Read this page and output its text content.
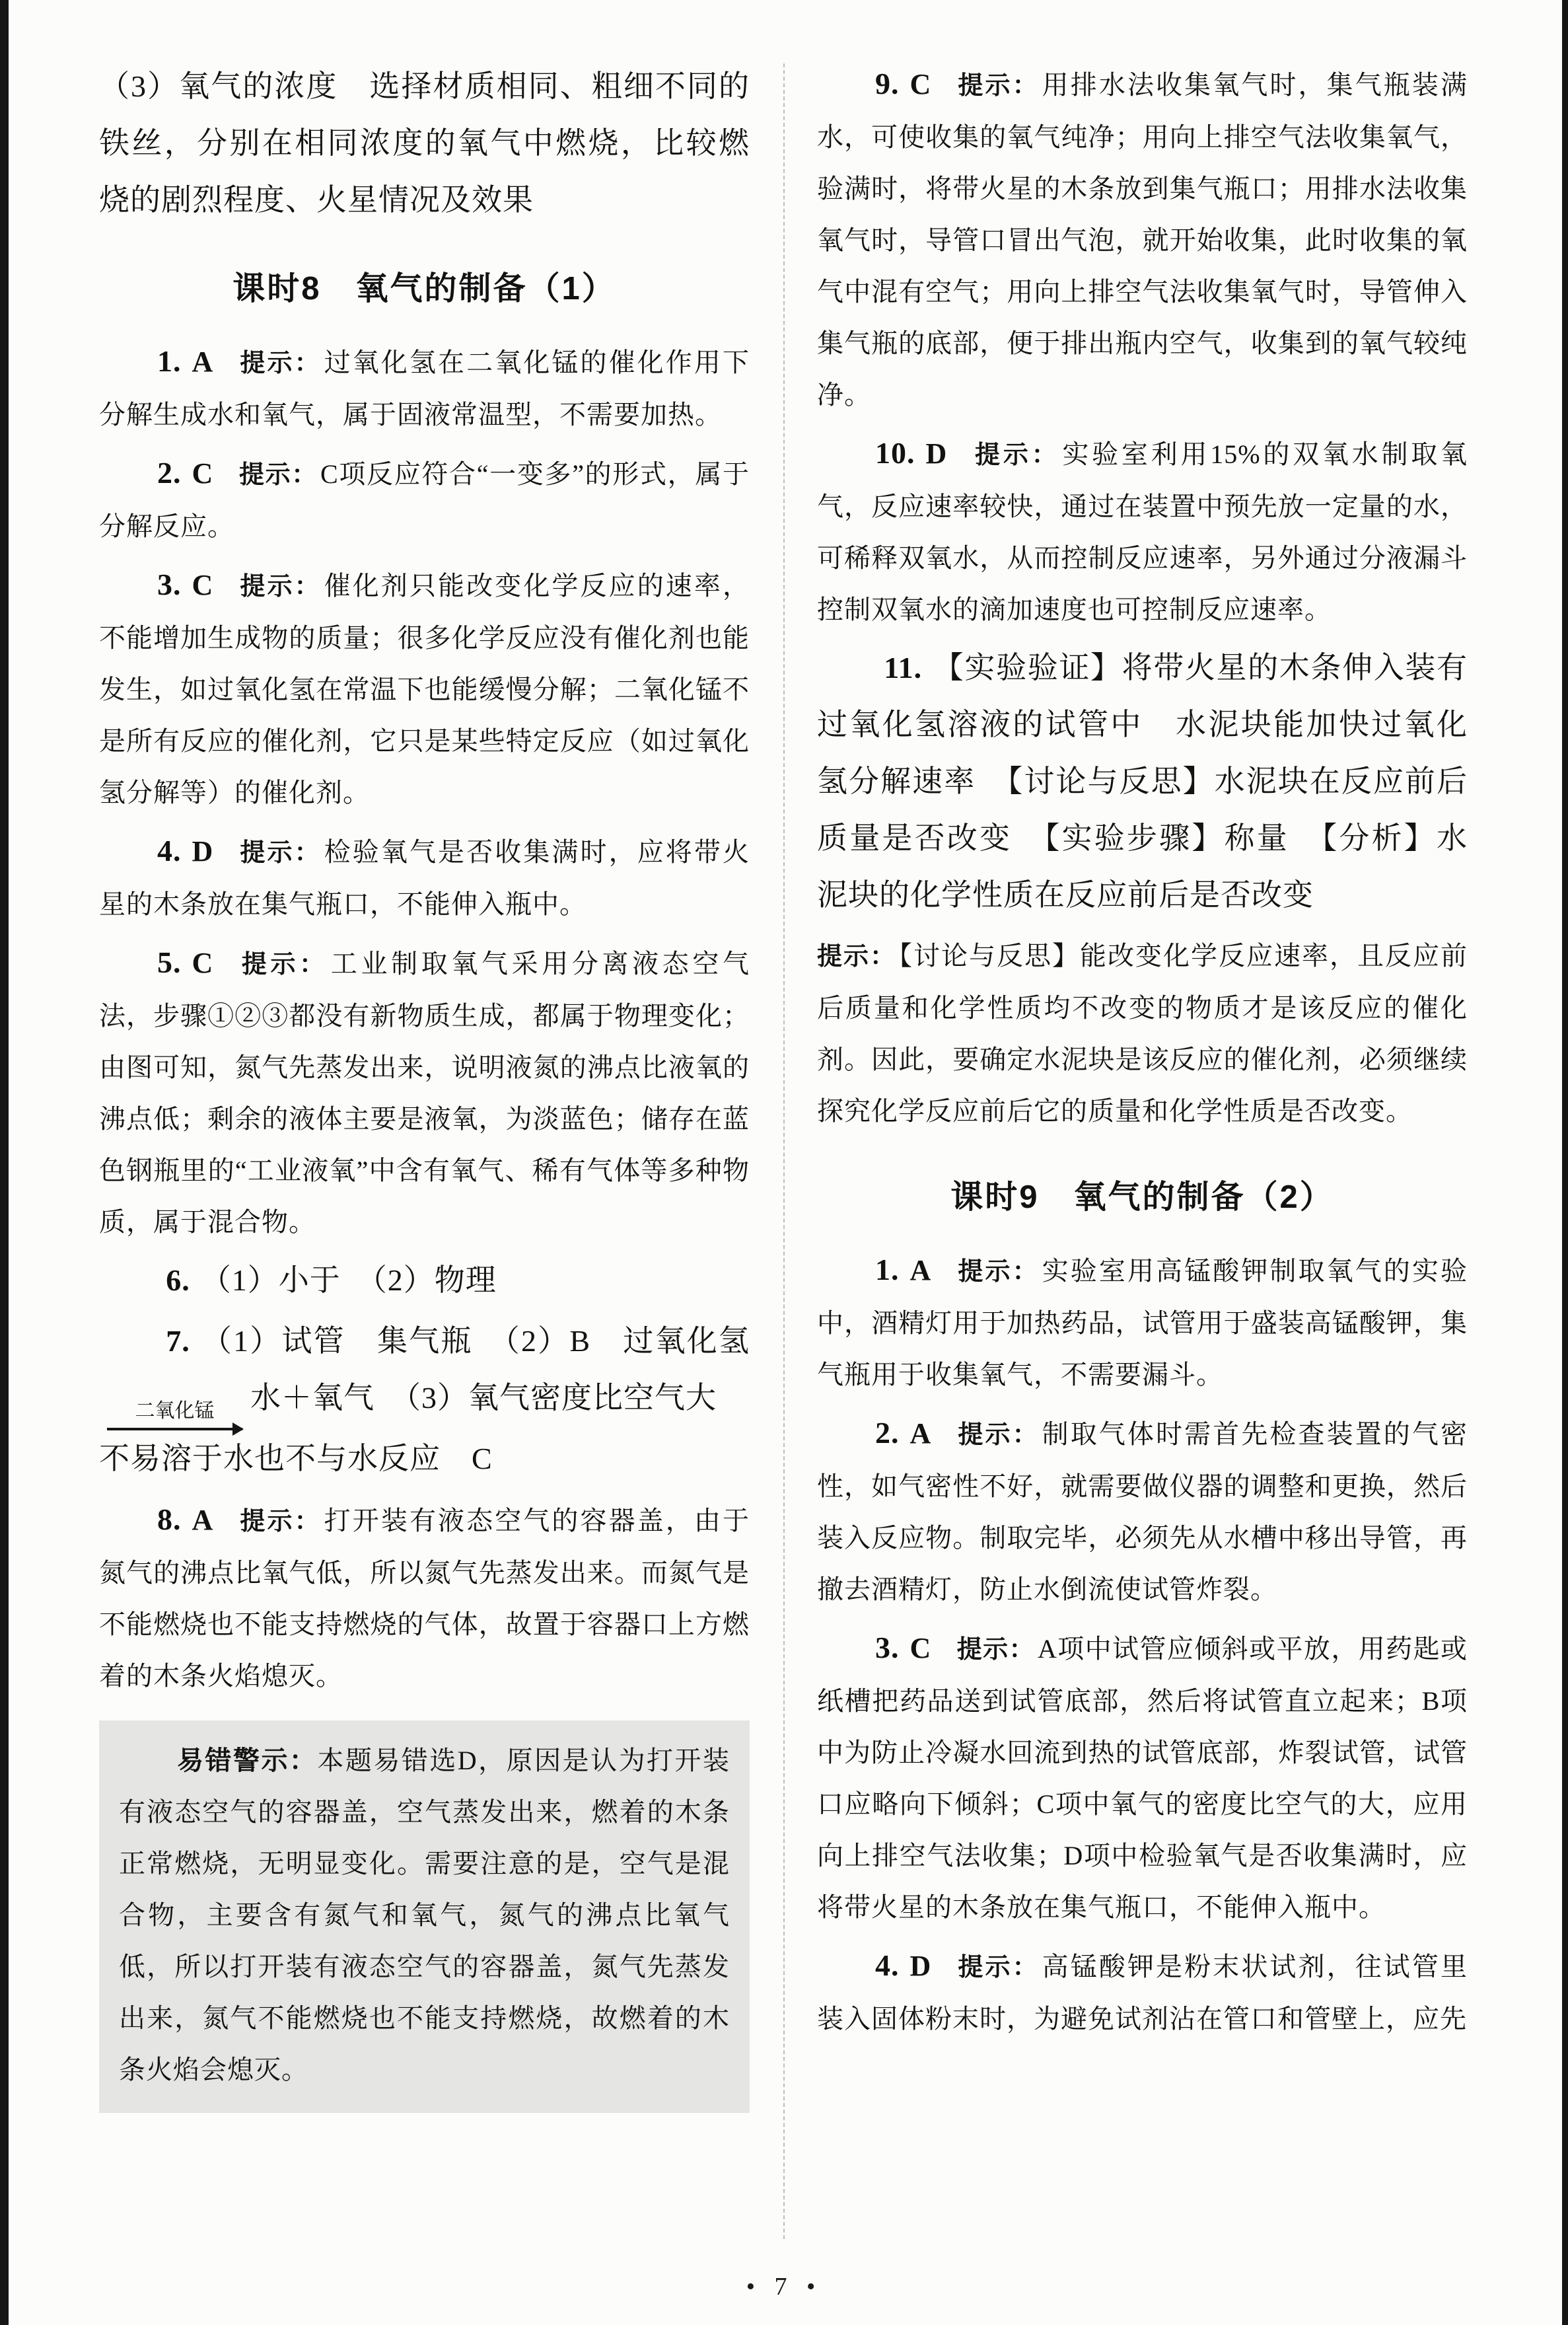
（3）氧气的浓度　选择材质相同、粗细不同的铁丝，分别在相同浓度的氧气中燃烧，比较燃烧的剧烈程度、火星情况及效果

课时8　氧气的制备（1）

1. A 提示： 过氧化氢在二氧化锰的催化作用下分解生成水和氧气，属于固液常温型，不需要加热。

2. C 提示： C项反应符合“一变多”的形式，属于分解反应。

3. C 提示： 催化剂只能改变化学反应的速率，不能增加生成物的质量；很多化学反应没有催化剂也能发生，如过氧化氢在常温下也能缓慢分解；二氧化锰不是所有反应的催化剂，它只是某些特定反应（如过氧化氢分解等）的催化剂。

4. D 提示： 检验氧气是否收集满时，应将带火星的木条放在集气瓶口，不能伸入瓶中。

5. C 提示： 工业制取氧气采用分离液态空气法，步骤①②③都没有新物质生成，都属于物理变化；由图可知，氮气先蒸发出来，说明液氮的沸点比液氧的沸点低；剩余的液体主要是液氧，为淡蓝色；储存在蓝色钢瓶里的“工业液氧”中含有氧气、稀有气体等多种物质，属于混合物。

6. （1）小于　（2）物理

7. （1）试管　集气瓶　（2）B　过氧化氢
二氧化锰 水＋氧气　（3）氧气密度比空气大
不易溶于水也不与水反应　C

8. A 提示： 打开装有液态空气的容器盖，由于氮气的沸点比氧气低，所以氮气先蒸发出来。而氮气是不能燃烧也不能支持燃烧的气体，故置于容器口上方燃着的木条火焰熄灭。

易错警示：本题易错选D，原因是认为打开装有液态空气的容器盖，空气蒸发出来，燃着的木条正常燃烧，无明显变化。需要注意的是，空气是混合物，主要含有氮气和氧气，氮气的沸点比氧气低，所以打开装有液态空气的容器盖，氮气先蒸发出来，氮气不能燃烧也不能支持燃烧，故燃着的木条火焰会熄灭。

9. C 提示： 用排水法收集氧气时，集气瓶装满水，可使收集的氧气纯净；用向上排空气法收集氧气，验满时，将带火星的木条放到集气瓶口；用排水法收集氧气时，导管口冒出气泡，就开始收集，此时收集的氧气中混有空气；用向上排空气法收集氧气时，导管伸入集气瓶的底部，便于排出瓶内空气，收集到的氧气较纯净。

10. D 提示： 实验室利用15%的双氧水制取氧气，反应速率较快，通过在装置中预先放一定量的水，可稀释双氧水，从而控制反应速率，另外通过分液漏斗控制双氧水的滴加速度也可控制反应速率。

11. 【实验验证】将带火星的木条伸入装有过氧化氢溶液的试管中　水泥块能加快过氧化氢分解速率　【讨论与反思】水泥块在反应前后质量是否改变　【实验步骤】称量　【分析】水泥块的化学性质在反应前后是否改变

提示： 【讨论与反思】能改变化学反应速率，且反应前后质量和化学性质均不改变的物质才是该反应的催化剂。因此，要确定水泥块是该反应的催化剂，必须继续探究化学反应前后它的质量和化学性质是否改变。

课时9　氧气的制备（2）

1. A 提示： 实验室用高锰酸钾制取氧气的实验中，酒精灯用于加热药品，试管用于盛装高锰酸钾，集气瓶用于收集氧气，不需要漏斗。

2. A 提示： 制取气体时需首先检查装置的气密性，如气密性不好，就需要做仪器的调整和更换，然后装入反应物。制取完毕，必须先从水槽中移出导管，再撤去酒精灯，防止水倒流使试管炸裂。

3. C 提示： A项中试管应倾斜或平放，用药匙或纸槽把药品送到试管底部，然后将试管直立起来；B项中为防止冷凝水回流到热的试管底部，炸裂试管，试管口应略向下倾斜；C项中氧气的密度比空气的大，应用向上排空气法收集；D项中检验氧气是否收集满时，应将带火星的木条放在集气瓶口，不能伸入瓶中。

4. D 提示： 高锰酸钾是粉末状试剂，往试管里装入固体粉末时，为避免试剂沾在管口和管壁上，应先

• 7 •
